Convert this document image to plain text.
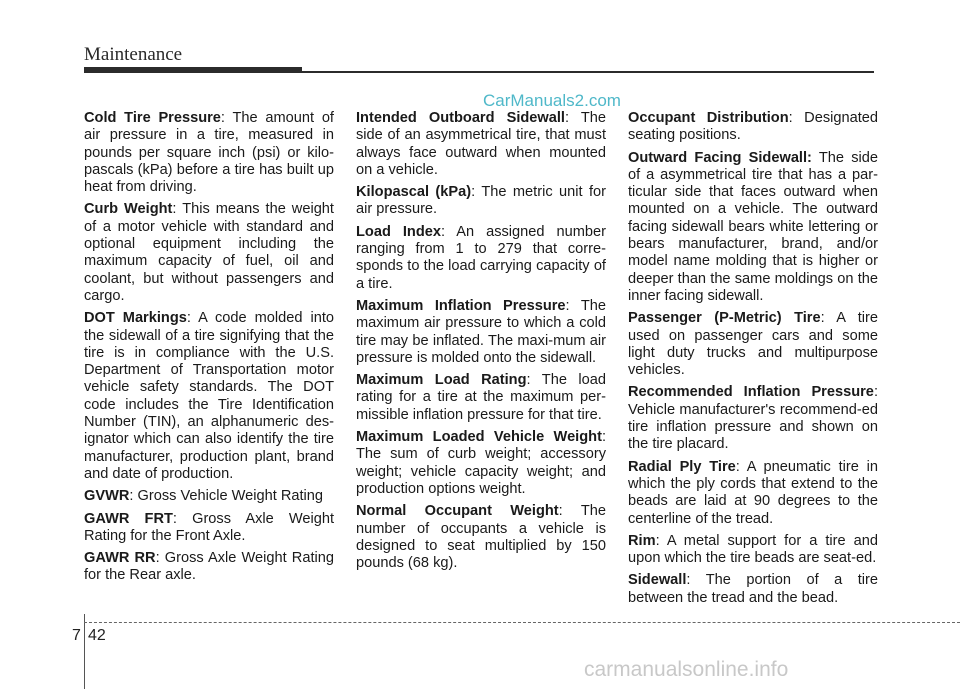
Maintenance
CarManuals2.com

Cold Tire Pressure: The amount of air pressure in a tire, measured in pounds per square inch (psi) or kilo-pascals (kPa) before a tire has built up heat from driving.

Curb Weight: This means the weight of a motor vehicle with standard and optional equipment including the maximum capacity of fuel, oil and coolant, but without passengers and cargo.

DOT Markings: A code molded into the sidewall of a tire signifying that the tire is in compliance with the U.S. Department of Transportation motor vehicle safety standards. The DOT code includes the Tire Identification Number (TIN), an alphanumeric des-ignator which can also identify the tire manufacturer, production plant, brand and date of production.

GVWR: Gross Vehicle Weight Rating

GAWR FRT: Gross Axle Weight Rating for the Front Axle.

GAWR RR: Gross Axle Weight Rating for the Rear axle.

Intended Outboard Sidewall: The side of an asymmetrical tire, that must always face outward when mounted on a vehicle.

Kilopascal (kPa): The metric unit for air pressure.

Load Index: An assigned number ranging from 1 to 279 that corre-sponds to the load carrying capacity of a tire.

Maximum Inflation Pressure: The maximum air pressure to which a cold tire may be inflated. The maxi-mum air pressure is molded onto the sidewall.

Maximum Load Rating: The load rating for a tire at the maximum per-missible inflation pressure for that tire.

Maximum Loaded Vehicle Weight: The sum of curb weight; accessory weight; vehicle capacity weight; and production options weight.

Normal Occupant Weight: The number of occupants a vehicle is designed to seat multiplied by 150 pounds (68 kg).

Occupant Distribution: Designated seating positions.

Outward Facing Sidewall: The side of a asymmetrical tire that has a par-ticular side that faces outward when mounted on a vehicle. The outward facing sidewall bears white lettering or bears manufacturer, brand, and/or model name molding that is higher or deeper than the same moldings on the inner facing sidewall.

Passenger (P-Metric) Tire: A tire used on passenger cars and some light duty trucks and multipurpose vehicles.

Recommended Inflation Pressure: Vehicle manufacturer's recommend-ed tire inflation pressure and shown on the tire placard.

Radial Ply Tire: A pneumatic tire in which the ply cords that extend to the beads are laid at 90 degrees to the centerline of the tread.

Rim: A metal support for a tire and upon which the tire beads are seat-ed.

Sidewall: The portion of a tire between the tread and the bead.

7 42
carmanualsonline.info
